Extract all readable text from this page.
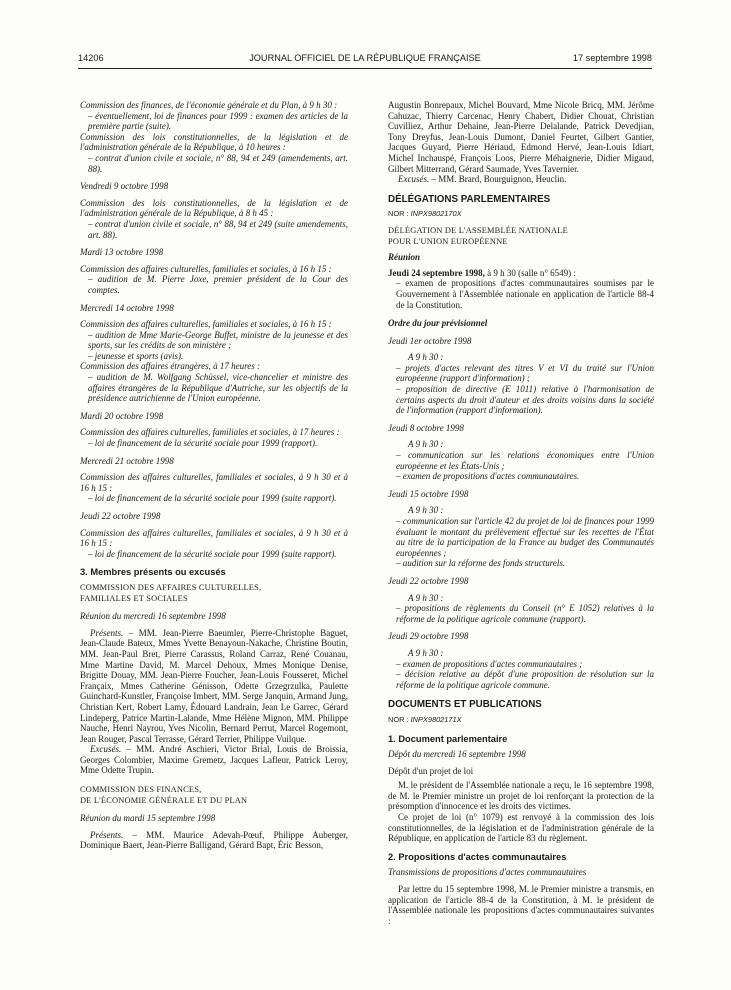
14206	JOURNAL OFFICIEL DE LA RÉPUBLIQUE FRANÇAISE	17 septembre 1998

Commission des finances, de l'économie générale et du Plan, à 9 h 30 :

– éventuellement, loi de finances pour 1999 : examen des articles de la première partie (suite).

Commission des lois constitutionnelles, de la législation et de l'administration générale de la République, à 10 heures :

– contrat d'union civile et sociale, n° 88, 94 et 249 (amendements, art. 88).

Vendredi 9 octobre 1998

Commission des lois constitutionnelles, de la législation et de l'administration générale de la République, à 8 h 45 :

– contrat d'union civile et sociale, n° 88, 94 et 249 (suite amendements, art. 88).

Mardi 13 octobre 1998

Commission des affaires culturelles, familiales et sociales, à 16 h 15 :

– audition de M. Pierre Joxe, premier président de la Cour des comptes.

Mercredi 14 octobre 1998

Commission des affaires culturelles, familiales et sociales, à 16 h 15 :

– audition de Mme Marie-George Buffet, ministre de la jeunesse et des sports, sur les crédits de son ministère ;

– jeunesse et sports (avis).

Commission des affaires étrangères, à 17 heures :

– audition de M. Wolfgang Schüssel, vice-chancelier et ministre des affaires étrangères de la République d'Autriche, sur les objectifs de la présidence autrichienne de l'Union européenne.

Mardi 20 octobre 1998

Commission des affaires culturelles, familiales et sociales, à 17 heures :

– loi de financement de la sécurité sociale pour 1999 (rapport).

Mercredi 21 octobre 1998

Commission des affaires culturelles, familiales et sociales, à 9 h 30 et à 16 h 15 :

– loi de financement de la sécurité sociale pour 1999 (suite rapport).

Jeudi 22 octobre 1998

Commission des affaires culturelles, familiales et sociales, à 9 h 30 et à 16 h 15 :

– loi de financement de la sécurité sociale pour 1999 (suite rapport).

3. Membres présents ou excusés

COMMISSION DES AFFAIRES CULTURELLES,
FAMILIALES ET SOCIALES

Réunion du mercredi 16 septembre 1998

Présents. – MM. Jean-Pierre Baeumler, Pierre-Christophe Baguet, Jean-Claude Bateux, Mmes Yvette Benayoun-Nakache, Christine Boutin, MM. Jean-Paul Bret, Pierre Carassus, Roland Carraz, René Couanau, Mme Martine David, M. Marcel Dehoux, Mmes Monique Denise, Brigitte Douay, MM. Jean-Pierre Foucher, Jean-Louis Fousseret, Michel Françaix, Mmes Catherine Génisson, Odette Grzegrzulka, Paulette Guinchard-Kunstler, Françoise Imbert, MM. Serge Janquin, Armand Jung, Christian Kert, Robert Lamy, Édouard Landrain, Jean Le Garrec, Gérard Lindeperg, Patrice Martin-Lalande, Mme Hélène Mignon, MM. Philippe Nauche, Henri Nayrou, Yves Nicolin, Bernard Perrut, Marcel Rogemont, Jean Rouger, Pascal Terrasse, Gérard Terrier, Philippe Vuilque.

Excusés. – MM. André Aschieri, Victor Brial, Louis de Broissia, Georges Colombier, Maxime Gremetz, Jacques Lafleur, Patrick Leroy, Mme Odette Trupin.

COMMISSION DES FINANCES,
DE L'ÉCONOMIE GÉNÉRALE ET DU PLAN

Réunion du mardi 15 septembre 1998

Présents. – MM. Maurice Adevah-Pœuf, Philippe Auberger, Dominique Baert, Jean-Pierre Balligand, Gérard Bapt, Éric Besson,

Augustin Bonrepaux, Michel Bouvard, Mme Nicole Bricq, MM. Jérôme Cahuzac, Thierry Carcenac, Henry Chabert, Didier Chouat, Christian Cuvilliez, Arthur Dehaine, Jean-Pierre Delalande, Patrick Devedjian, Tony Dreyfus, Jean-Louis Dumont, Daniel Feurtet, Gilbert Gantier, Jacques Guyard, Pierre Hériaud, Edmond Hervé, Jean-Louis Idiart, Michel Inchauspé, François Loos, Pierre Méhaignerie, Didier Migaud, Gilbert Mitterrand, Gérard Saumade, Yves Tavernier.

Excusés. – MM. Brard, Bourguignon, Heuclin.

DÉLÉGATIONS PARLEMENTAIRES

NOR : INPX9802170X

DÉLÉGATION DE L'ASSEMBLÉE NATIONALE
POUR L'UNION EUROPÉENNE

Réunion

Jeudi 24 septembre 1998, à 9 h 30 (salle n° 6549) :

– examen de propositions d'actes communautaires soumises par le Gouvernement à l'Assemblée nationale en application de l'article 88-4 de la Constitution.

Ordre du jour prévisionnel

Jeudi 1er octobre 1998

A 9 h 30 :

– projets d'actes relevant des titres V et VI du traité sur l'Union européenne (rapport d'information) ;

– proposition de directive (E 1011) relative à l'harmonisation de certains aspects du droit d'auteur et des droits voisins dans la société de l'information (rapport d'information).

Jeudi 8 octobre 1998

A 9 h 30 :

– communication sur les relations économiques entre l'Union européenne et les États-Unis ;

– examen de propositions d'actes communautaires.

Jeudi 15 octobre 1998

A 9 h 30 :

– communication sur l'article 42 du projet de loi de finances pour 1999 évaluant le montant du prélèvement effectué sur les recettes de l'État au titre de la participation de la France au budget des Communautés européennes ;

– audition sur la réforme des fonds structurels.

Jeudi 22 octobre 1998

A 9 h 30 :

– propositions de règlements du Conseil (n° E 1052) relatives à la réforme de la politique agricole commune (rapport).

Jeudi 29 octobre 1998

A 9 h 30 :

– examen de propositions d'actes communautaires ;

– décision relative au dépôt d'une proposition de résolution sur la réforme de la politique agricole commune.

DOCUMENTS ET PUBLICATIONS

NOR : INPX9802171X

1. Document parlementaire

Dépôt du mercredi 16 septembre 1998

Dépôt d'un projet de loi

M. le président de l'Assemblée nationale a reçu, le 16 septembre 1998, de M. le Premier ministre un projet de loi renforçant la protection de la présomption d'innocence et les droits des victimes.

Ce projet de loi (n° 1079) est renvoyé à la commission des lois constitutionnelles, de la législation et de l'administration générale de la République, en application de l'article 83 du règlement.

2. Propositions d'actes communautaires

Transmissions de propositions d'actes communautaires

Par lettre du 15 septembre 1998, M. le Premier ministre a transmis, en application de l'article 88-4 de la Constitution, à M. le président de l'Assemblée nationale les propositions d'actes communautaires suivantes :
